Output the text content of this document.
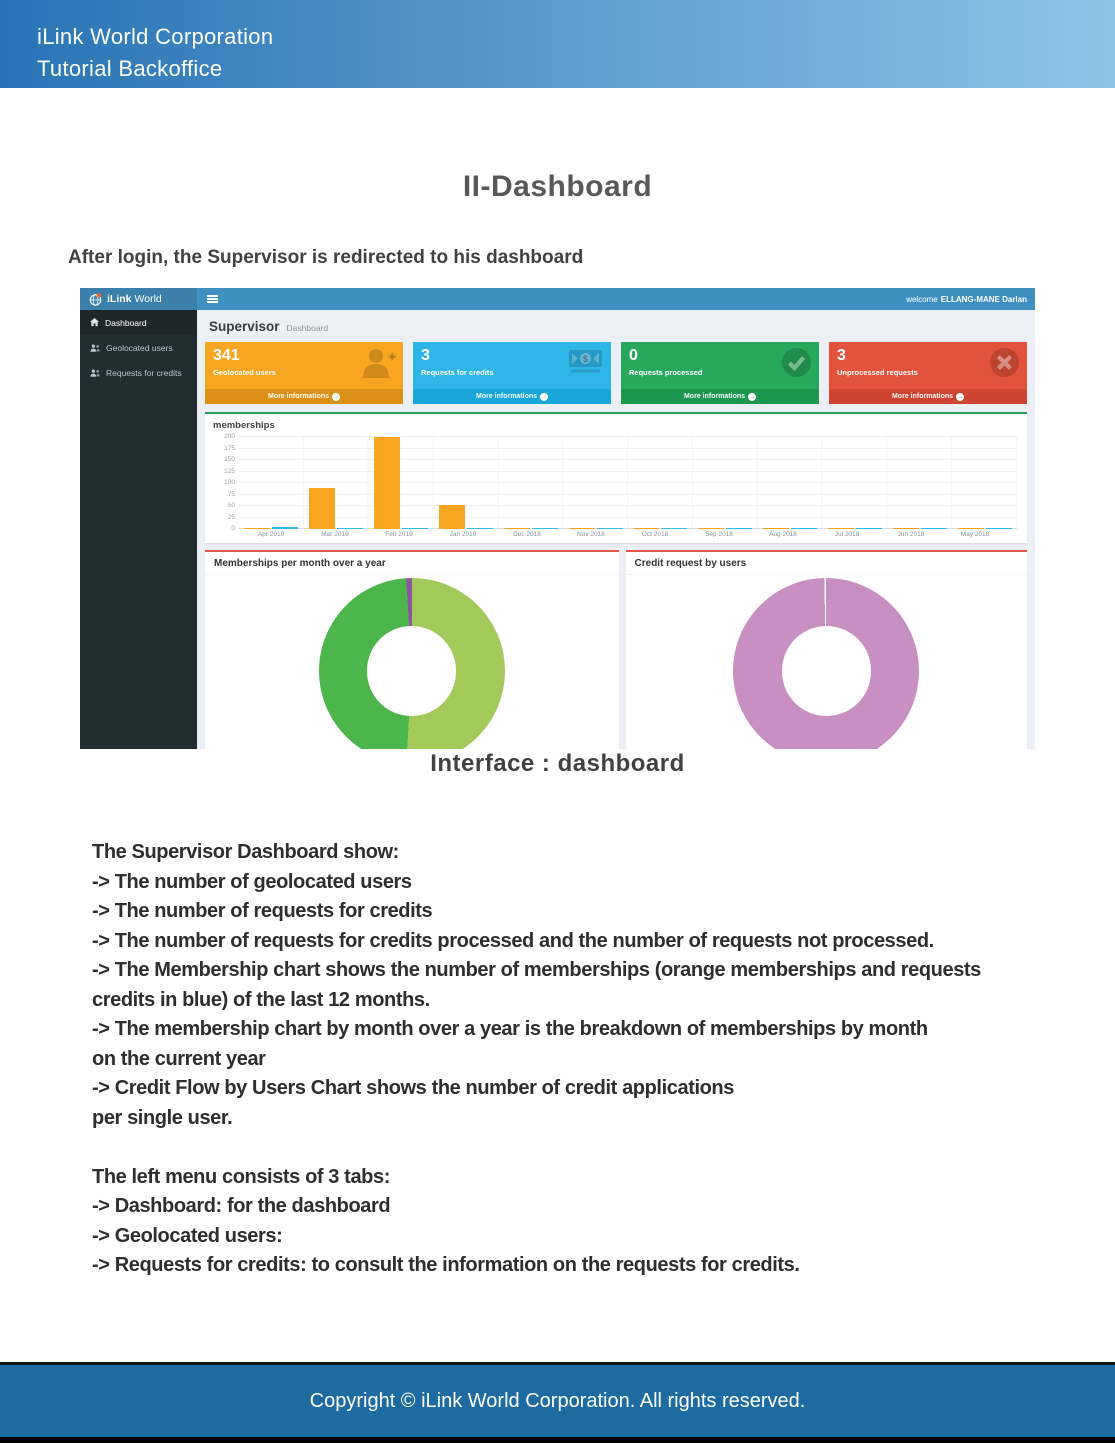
iLink World Corporation
Tutorial Backoffice
II-Dashboard
After login, the Supervisor is redirected to his dashboard
iLink World	welcome ELLANG-MANE Darlan
Dashboard
Geolocated users
Requests for credits
Supervisor Dashboard
341
Geolocated users
More informations →
3
Requests for credits
$
More informations →
0
Requests processed
More informations →
3
Unprocessed requests
More informations →
memberships
0
25
50
75
100
125
150
175
200
Apr 2019	Mar 2019	Feb 2019	Jan 2019	Dec 2018	Nov 2018	Oct 2018	Sep 2018	Aug 2018	Jul 2018	Jun 2018	May 2018
Memberships per month over a year	Credit request by users
Interface : dashboard
The Supervisor Dashboard show:
-> The number of geolocated users
-> The number of requests for credits
-> The number of requests for credits processed and the number of requests not processed.
-> The Membership chart shows the number of memberships (orange memberships and requests
credits in blue) of the last 12 months.
-> The membership chart by month over a year is the breakdown of memberships by month
on the current year
-> Credit Flow by Users Chart shows the number of credit applications
per single user.
The left menu consists of 3 tabs:
-> Dashboard: for the dashboard
-> Geolocated users:
-> Requests for credits: to consult the information on the requests for credits.
Copyright © iLink World Corporation. All rights reserved.
